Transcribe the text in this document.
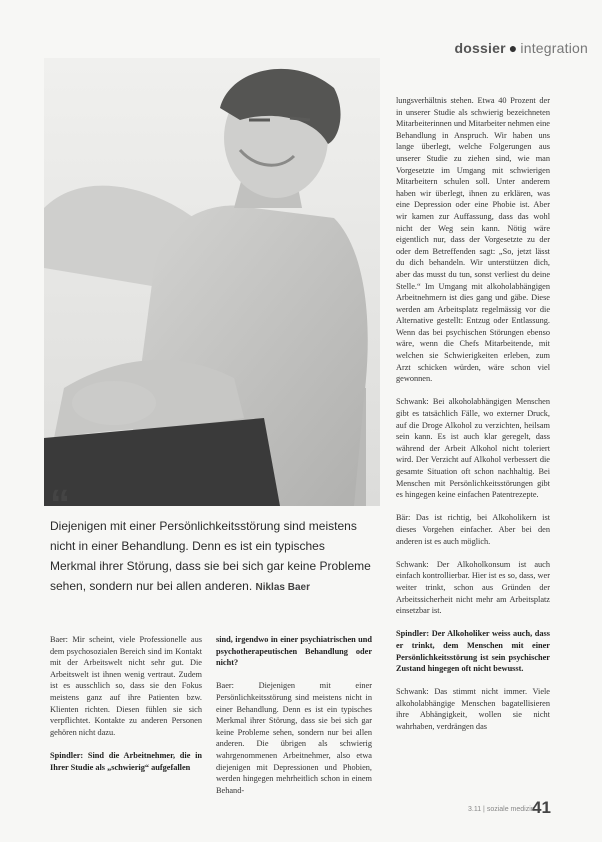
dossier ● integration
“
Diejenigen mit einer Persönlichkeitsstörung sind meistens nicht in einer Behandlung. Denn es ist ein typisches Merkmal ihrer Störung, dass sie bei sich gar keine Probleme sehen, sondern nur bei allen anderen. Niklas Baer

Baer: Mir scheint, viele Professionelle aus dem psychosozialen Bereich sind im Kontakt mit der Arbeitswelt nicht sehr gut. Die Arbeitswelt ist ihnen wenig vertraut. Zudem ist es ausschlich so, dass sie den Fokus meistens ganz auf ihre Patienten bzw. Klienten richten. Diesen fühlen sie sich verpflichtet. Kontakte zu anderen Personen gehören nicht dazu.

Spindler: Sind die Arbeitnehmer, die in Ihrer Studie als „schwierig“ aufgefallen

sind, irgendwo in einer psychiatrischen und psychotherapeutischen Behandlung oder nicht?

Baer: Diejenigen mit einer Persönlichkeitsstörung sind meistens nicht in einer Behandlung. Denn es ist ein typisches Merkmal ihrer Störung, dass sie bei sich gar keine Probleme sehen, sondern nur bei allen anderen. Die übrigen als schwierig wahrgenommenen Arbeitnehmer, also etwa diejenigen mit Depressionen und Phobien, werden hingegen mehrheitlich schon in einem Behand-

lungsverhältnis stehen. Etwa 40 Prozent der in unserer Studie als schwierig bezeichneten Mitarbeiterinnen und Mitarbeiter nehmen eine Behandlung in Anspruch. Wir haben uns lange überlegt, welche Folgerungen aus unserer Studie zu ziehen sind, wie man Vorgesetzte im Umgang mit schwierigen Mitarbeitern schulen soll. Unter anderem haben wir überlegt, ihnen zu erklären, was eine Depression oder eine Phobie ist. Aber wir kamen zur Auffassung, dass das wohl nicht der Weg sein kann. Nötig wäre eigentlich nur, dass der Vorgesetzte zu der oder dem Betreffenden sagt: „So, jetzt lässt du dich behandeln. Wir unterstützen dich, aber das musst du tun, sonst verliest du deine Stelle.“ Im Umgang mit alkoholabhängigen Arbeitnehmern ist dies gang und gäbe. Diese werden am Arbeitsplatz regelmässig vor die Alternative gestellt: Entzug oder Entlassung. Wenn das bei psychischen Störungen ebenso wäre, wenn die Chefs Mitarbeitende, mit welchen sie Schwierigkeiten erleben, zum Arzt schicken würden, wäre schon viel gewonnen.

Schwank: Bei alkoholabhängigen Menschen gibt es tatsächlich Fälle, wo externer Druck, auf die Droge Alkohol zu verzichten, heilsam sein kann. Es ist auch klar geregelt, dass während der Arbeit Alkohol nicht toleriert wird. Der Verzicht auf Alkohol verbessert die gesamte Situation oft schon nachhaltig. Bei Menschen mit Persönlichkeitsstörungen gibt es hingegen keine einfachen Patentrezepte.

Bär: Das ist richtig, bei Alkoholikern ist dieses Vorgehen einfacher. Aber bei den anderen ist es auch möglich.

Schwank: Der Alkoholkonsum ist auch einfach kontrollierbar. Hier ist es so, dass, wer weiter trinkt, schon aus Gründen der Arbeitssicherheit nicht mehr am Arbeitsplatz einsetzbar ist.

Spindler: Der Alkoholiker weiss auch, dass er trinkt, dem Menschen mit einer Persönlichkeitsstörung ist sein psychischer Zustand hingegen oft nicht bewusst.

Schwank: Das stimmt nicht immer. Viele alkoholabhängige Menschen bagatellisieren ihre Abhängigkeit, wollen sie nicht wahrhaben, verdrängen das

3.11 | soziale medizin
41
